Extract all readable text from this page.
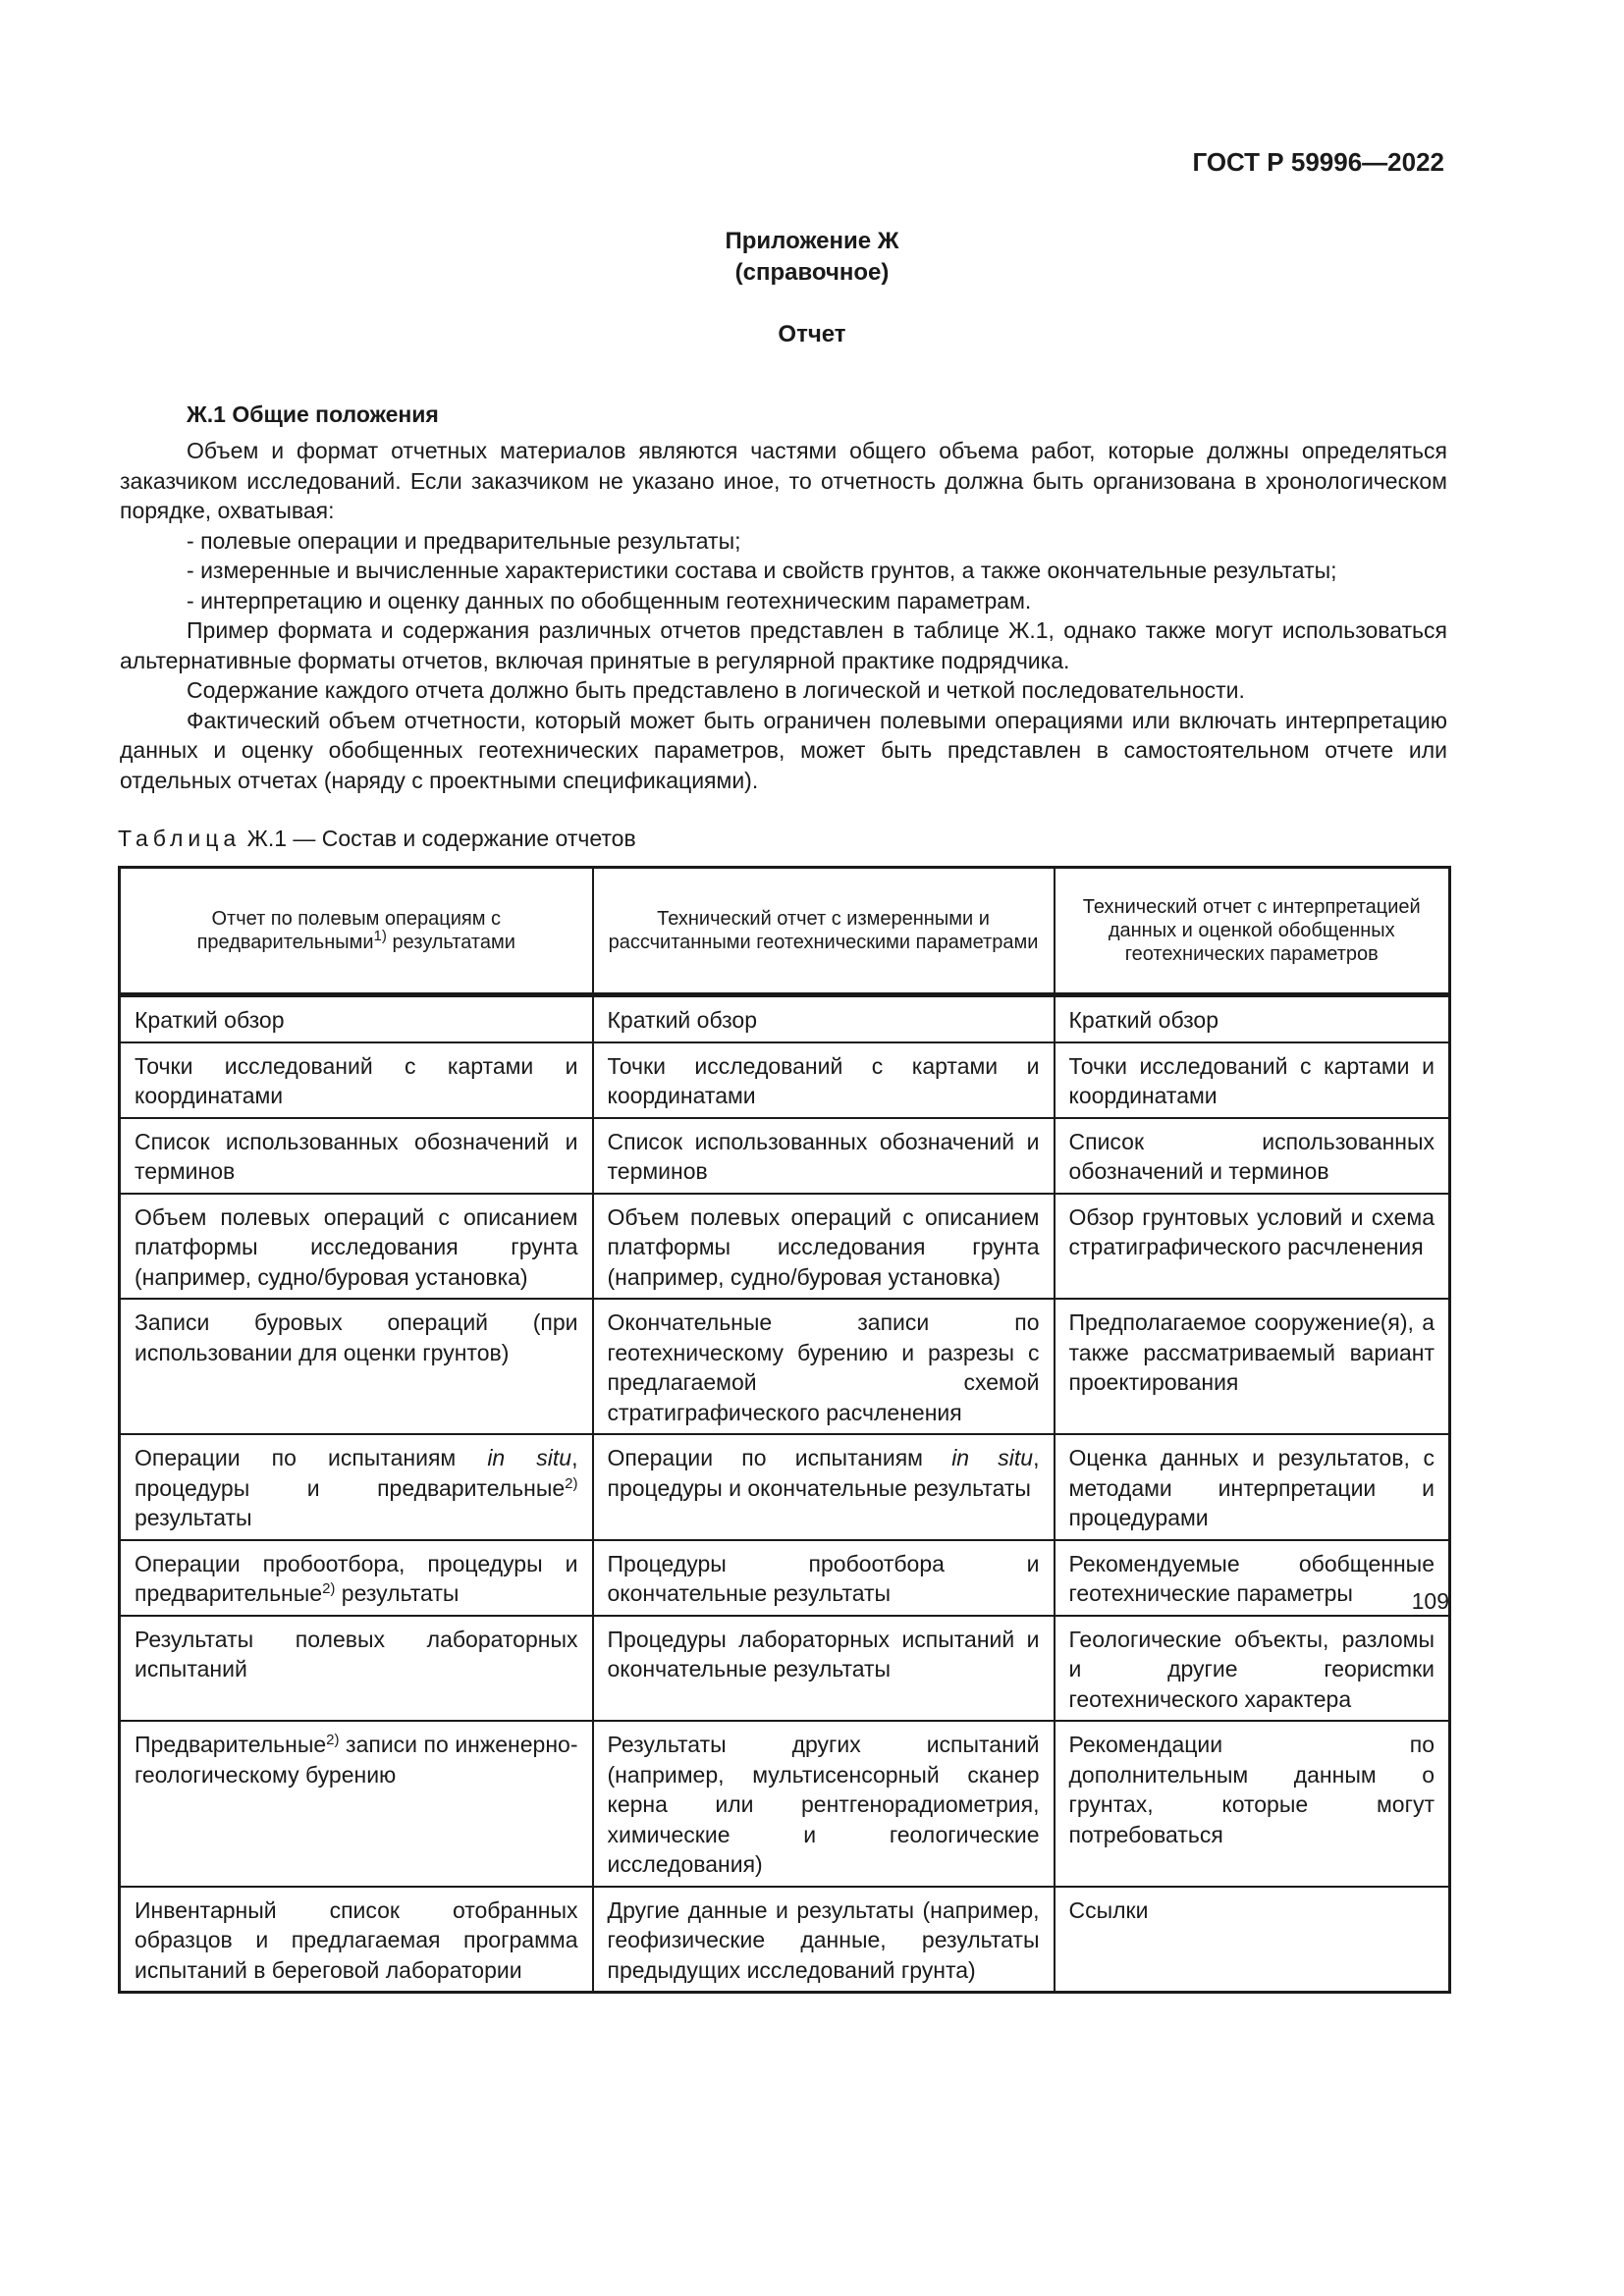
ГОСТ Р 59996—2022
Приложение Ж
(справочное)
Отчет
Ж.1 Общие положения

Объем и формат отчетных материалов являются частями общего объема работ, которые должны определяться заказчиком исследований. Если заказчиком не указано иное, то отчетность должна быть организована в хронологическом порядке, охватывая:

- полевые операции и предварительные результаты;
- измеренные и вычисленные характеристики состава и свойств грунтов, а также окончательные результаты;
- интерпретацию и оценку данных по обобщенным геотехническим параметрам.

Пример формата и содержания различных отчетов представлен в таблице Ж.1, однако также могут использоваться альтернативные форматы отчетов, включая принятые в регулярной практике подрядчика.

Содержание каждого отчета должно быть представлено в логической и четкой последовательности.

Фактический объем отчетности, который может быть ограничен полевыми операциями или включать интерпретацию данных и оценку обобщенных геотехнических параметров, может быть представлен в самостоятельном отчете или отдельных отчетах (наряду с проектными спецификациями).

Таблица Ж.1 — Состав и содержание отчетов
Отчет по полевым операциям с предварительными$^{1)}$ результатами	Технический отчет с измеренными и рассчитанными геотехническими параметрами	Технический отчет с интерпретацией данных и оценкой обобщенных геотехнических параметров
Краткий обзор	Краткий обзор	Краткий обзор
Точки исследований с картами и координатами	Точки исследований с картами и координатами	Точки исследований с картами и координатами
Список использованных обозначений и терминов	Список использованных обозначений и терминов	Список использованных обозначений и терминов
Объем полевых операций с описанием платформы исследования грунта (например, судно/буровая установка)	Объем полевых операций с описанием платформы исследования грунта (например, судно/буровая установка)	Обзор грунтовых условий и схема стратиграфического расчленения
Записи буровых операций (при использовании для оценки грунтов)	Окончательные записи по геотехническому бурению и разрезы с предлагаемой схемой стратиграфического расчленения	Предполагаемое сооружение(я), а также рассматриваемый вариант проектирования
Операции по испытаниям in situ, процедуры и предварительные$^{2)}$ результаты	Операции по испытаниям in situ, процедуры и окончательные результаты	Оценка данных и результатов, с методами интерпретации и процедурами
Операции пробоотбора, процедуры и предварительные$^{2)}$ результаты	Процедуры пробоотбора и окончательные результаты	Рекомендуемые обобщенные геотехнические параметры
Результаты полевых лабораторных испытаний	Процедуры лабораторных испытаний и окончательные результаты	Геологические объекты, разломы и другие георисmки геотехнического характера
Предварительные$^{2)}$ записи по инженерно-геологическому бурению	Результаты других испытаний (например, мультисенсорный сканер керна или рентгенорадиометрия, химические и геологические исследования)	Рекомендации по дополнительным данным о грунтах, которые могут потребоваться
Инвентарный список отобранных образцов и предлагаемая программа испытаний в береговой лаборатории	Другие данные и результаты (например, геофизические данные, результаты предыдущих исследований грунта)	Ссылки
109
